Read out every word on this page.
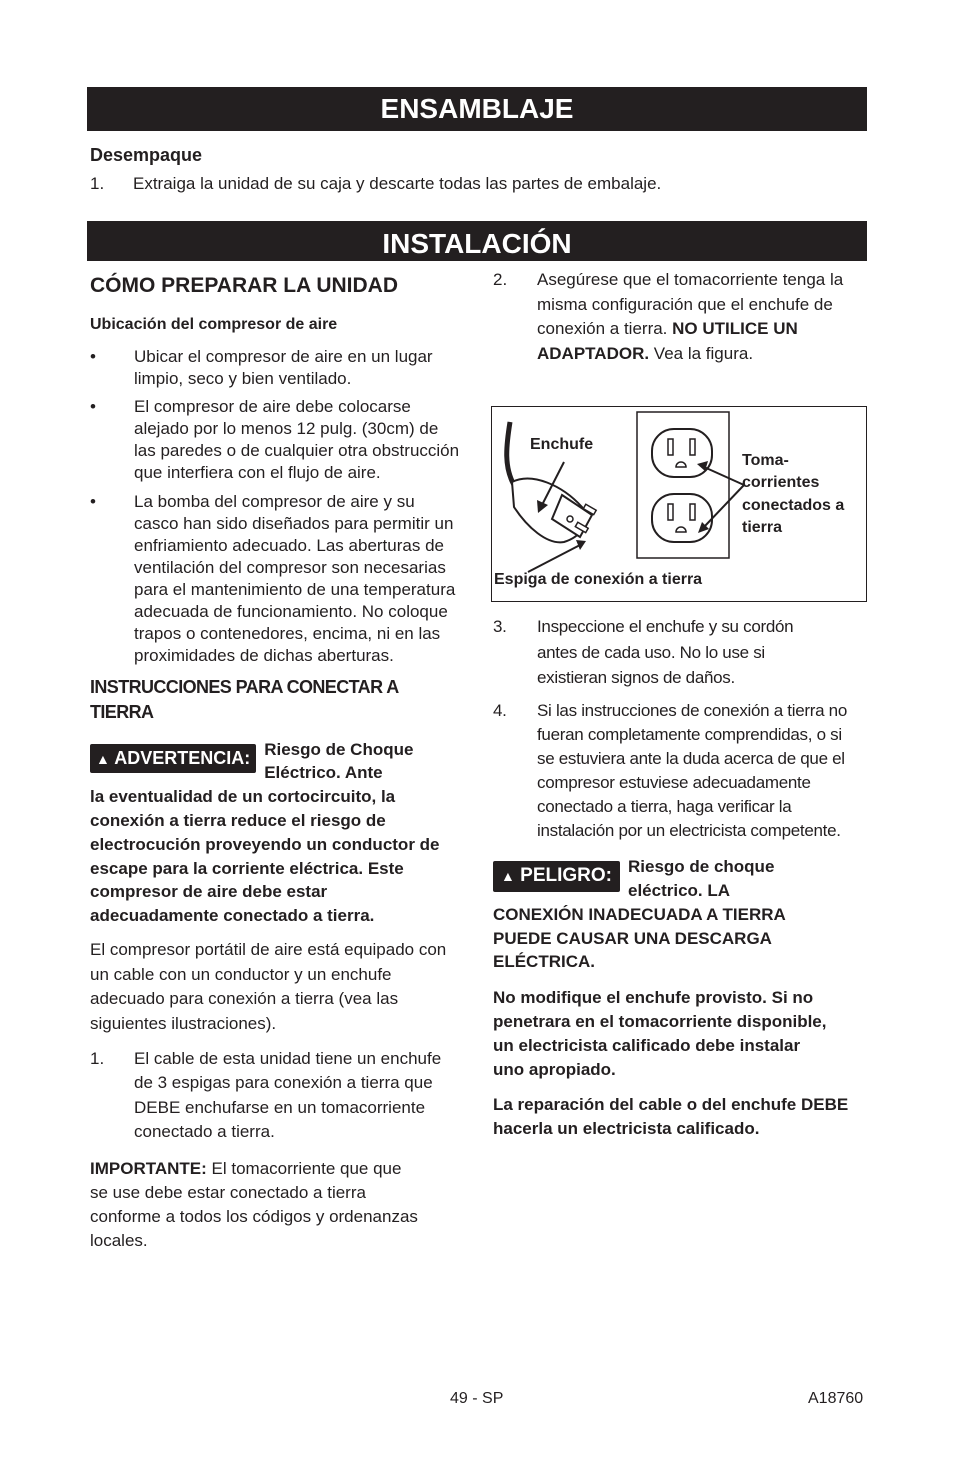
ENSAMBLAJE
Desempaque
1. Extraiga la unidad de su caja y descarte todas las partes de embalaje.
INSTALACIÓN
CÓMO PREPARAR LA UNIDAD
Ubicación del compresor de aire
• Ubicar el compresor de aire en un lugar limpio, seco y bien ventilado.
• El compresor de aire debe colocarse alejado por lo menos 12 pulg. (30cm) de las paredes o de cualquier otra obstrucción que interfiera con el flujo de aire.
• La bomba del compresor de aire y su casco han sido diseñados para permitir un enfriamiento adecuado. Las aberturas de ventilación del compresor son necesarias para el mantenimiento de una temperatura adecuada de funcionamiento. No coloque trapos o contenedores, encima, ni en las proximidades de dichas aberturas.
INSTRUCCIONES PARA CONECTAR A TIERRA
▲ ADVERTENCIA: Riesgo de Choque Eléctrico. Ante
la eventualidad de un cortocircuito, la conexión a tierra reduce el riesgo de electrocución proveyendo un conductor de escape para la corriente eléctrica. Este compresor de aire debe estar adecuadamente conectado a tierra.
El compresor portátil de aire está equipado con un cable con un conductor y un enchufe adecuado para conexión a tierra (vea las siguientes ilustraciones).
1. El cable de esta unidad tiene un enchufe de 3 espigas para conexión a tierra que DEBE enchufarse en un tomacorriente conectado a tierra.
IMPORTANTE: El tomacorriente que que se use debe estar conectado a tierra conforme a todos los códigos y ordenanzas locales.
2. Asegúrese que el tomacorriente tenga la misma configuración que el enchufe de conexión a tierra. NO UTILICE UN ADAPTADOR. Vea la figura.
Enchufe
Toma- corrientes conectados a tierra
Espiga de conexión a tierra
3. Inspeccione el enchufe y su cordón antes de cada uso. No lo use si existieran signos de daños.
4. Si las instrucciones de conexión a tierra no fueran completamente comprendidas, o si se estuviera ante la duda acerca de que el compresor estuviese adecuadamente conectado a tierra, haga verificar la instalación por un electricista competente.
▲ PELIGRO: Riesgo de choque eléctrico. LA
CONEXIÓN INADECUADA A TIERRA PUEDE CAUSAR UNA DESCARGA ELÉCTRICA.
No modifique el enchufe provisto. Si no penetrara en el tomacorriente disponible, un electricista calificado debe instalar uno apropiado.
La reparación del cable o del enchufe DEBE hacerla un electricista calificado.
49 - SP	A18760
